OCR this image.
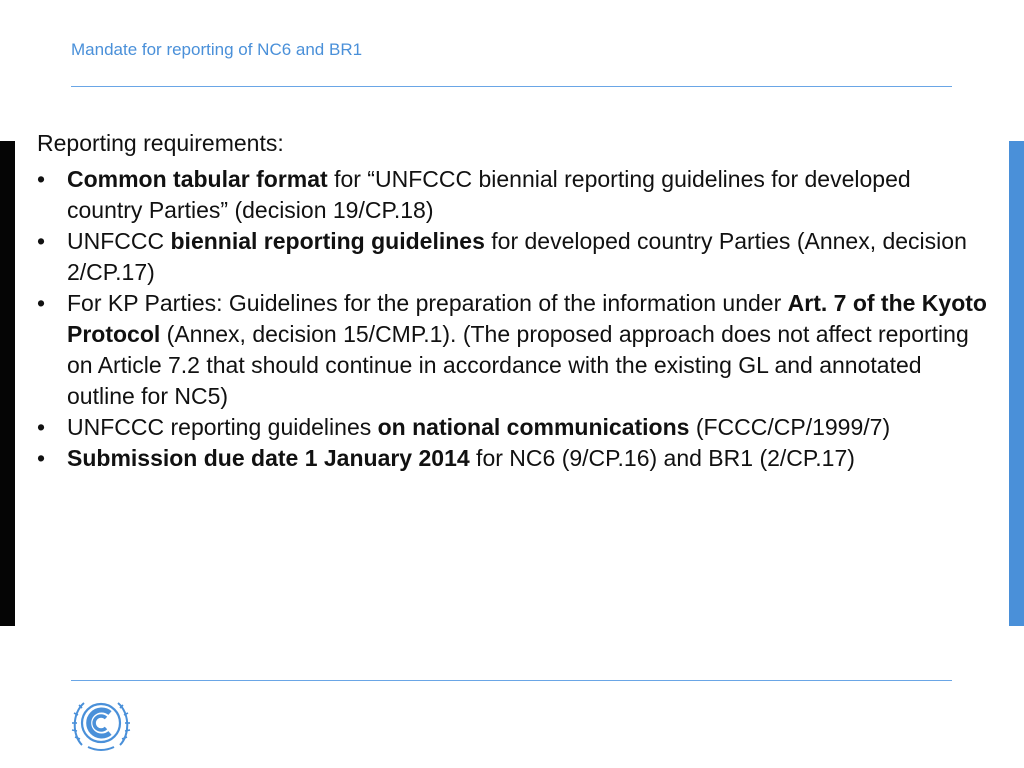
Mandate for reporting of NC6 and BR1

Reporting requirements:

• Common tabular format for “UNFCCC biennial reporting guidelines for developed country Parties” (decision 19/CP.18)
• UNFCCC biennial reporting guidelines for developed country Parties (Annex, decision 2/CP.17)
• For KP Parties: Guidelines for the preparation of the information under Art. 7 of the Kyoto Protocol (Annex, decision 15/CMP.1). (The proposed approach does not affect reporting on Article 7.2 that should continue in accordance with the existing GL and annotated outline for NC5)
• UNFCCC reporting guidelines on national communications (FCCC/CP/1999/7)
• Submission due date 1 January 2014 for NC6 (9/CP.16) and BR1 (2/CP.17)
